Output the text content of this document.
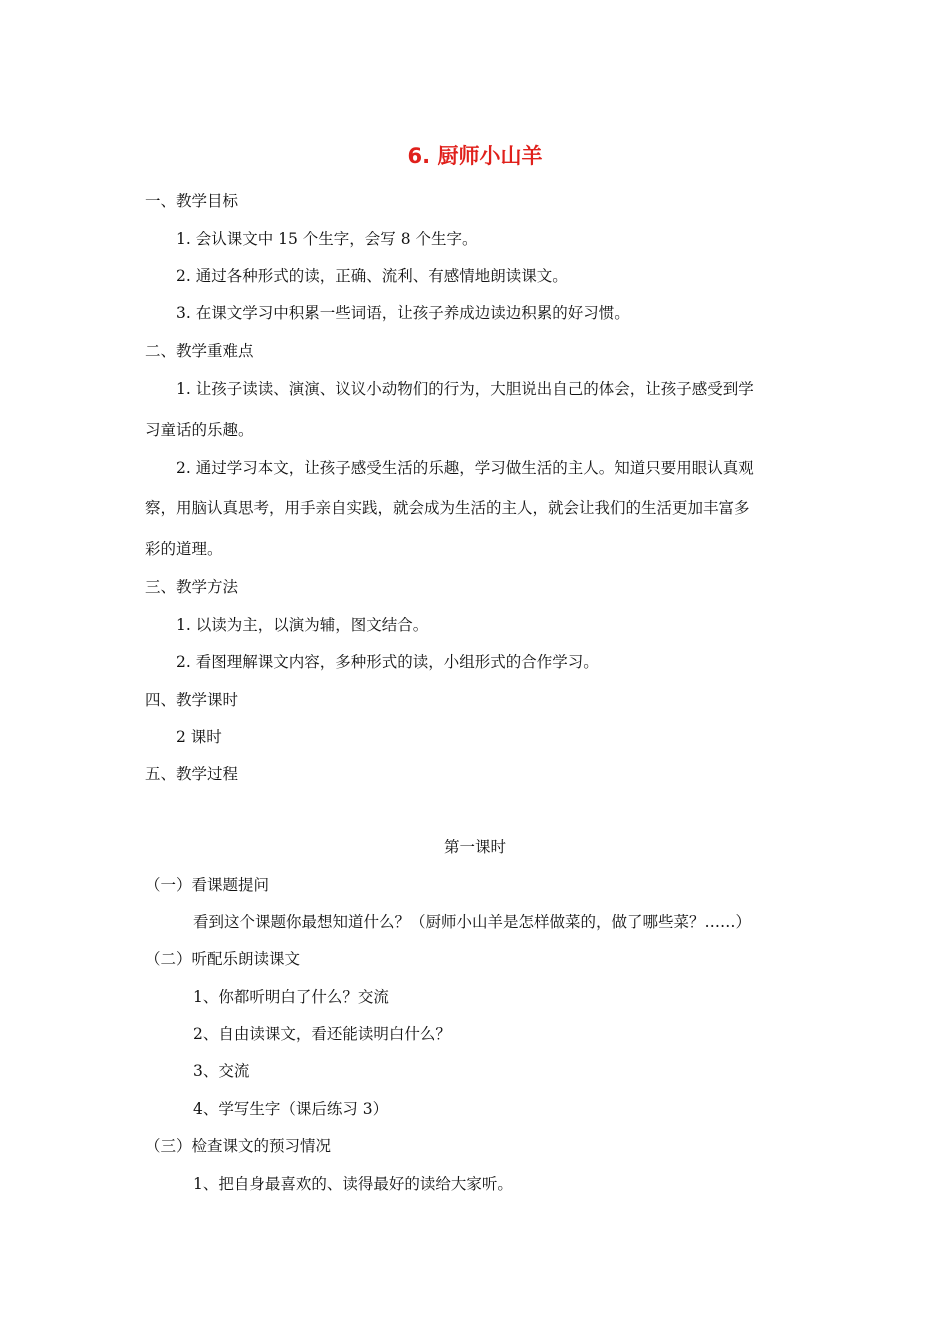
6. 厨师小山羊
一、教学目标
1. 会认课文中 15 个生字，会写 8 个生字。
2. 通过各种形式的读，正确、流利、有感情地朗读课文。
3. 在课文学习中积累一些词语，让孩子养成边读边积累的好习惯。
二、教学重难点
1. 让孩子读读、演演、议议小动物们的行为，大胆说出自己的体会，让孩子感受到学
习童话的乐趣。
2. 通过学习本文，让孩子感受生活的乐趣，学习做生活的主人。知道只要用眼认真观
察，用脑认真思考，用手亲自实践，就会成为生活的主人，就会让我们的生活更加丰富多
彩的道理。
三、教学方法
1. 以读为主，以演为辅，图文结合。
2. 看图理解课文内容，多种形式的读，小组形式的合作学习。
四、教学课时
2 课时
五、教学过程
第一课时
（一）看课题提问
看到这个课题你最想知道什么？（厨师小山羊是怎样做菜的，做了哪些菜？……）
（二）听配乐朗读课文
1、你都听明白了什么？交流
2、自由读课文，看还能读明白什么？
3、交流
4、学写生字（课后练习 3）
（三）检查课文的预习情况
1、把自身最喜欢的、读得最好的读给大家听。
